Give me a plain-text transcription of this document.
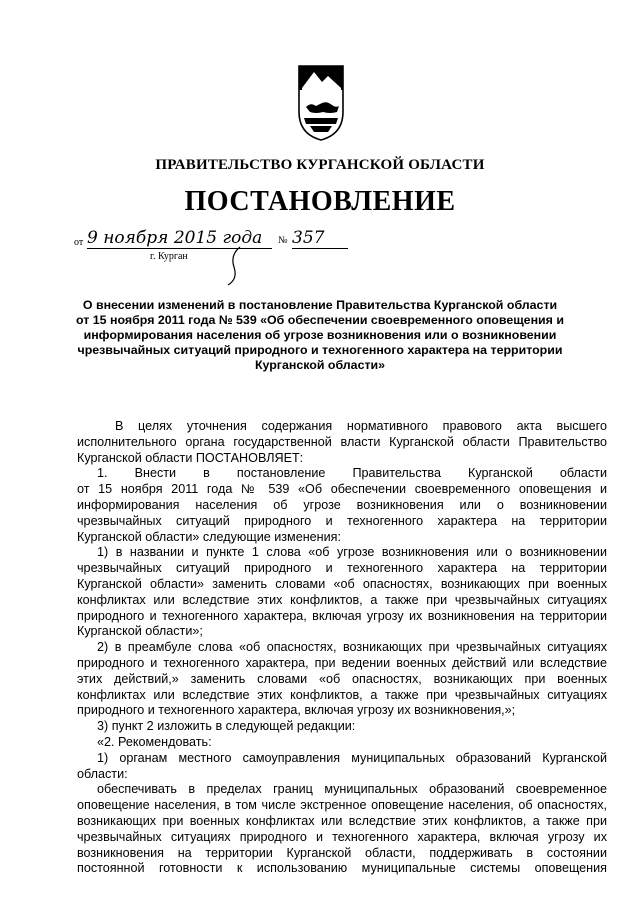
ПРАВИТЕЛЬСТВО КУРГАНСКОЙ ОБЛАСТИ
ПОСТАНОВЛЕНИЕ
от 9 ноября 2015 года	№ 357
г. Курган
О внесении изменений в постановление Правительства Курганской области
от 15 ноября 2011 года № 539 «Об обеспечении своевременного оповещения и
информирования населения об угрозе возникновения или о возникновении
чрезвычайных ситуаций природного и техногенного характера на территории
Курганской области»
В целях уточнения содержания нормативного правового акта высшего
исполнительного органа государственной власти Курганской области Правительство
Курганской области ПОСТАНОВЛЯЕТ:
1. Внести в постановление Правительства Курганской области
от 15 ноября 2011 года № 539 «Об обеспечении своевременного оповещения и
информирования населения об угрозе возникновения или о возникновении
чрезвычайных ситуаций природного и техногенного характера на территории
Курганской области» следующие изменения:
1) в названии и пункте 1 слова «об угрозе возникновения или о возникновении
чрезвычайных ситуаций природного и техногенного характера на территории
Курганской области» заменить словами «об опасностях, возникающих при военных
конфликтах или вследствие этих конфликтов, а также при чрезвычайных ситуациях
природного и техногенного характера, включая угрозу их возникновения на территории
Курганской области»;
2) в преамбуле слова «об опасностях, возникающих при чрезвычайных ситуациях
природного и техногенного характера, при ведении военных действий или вследствие
этих действий,» заменить словами «об опасностях, возникающих при военных
конфликтах или вследствие этих конфликтов, а также при чрезвычайных ситуациях
природного и техногенного характера, включая угрозу их возникновения,»;
3) пункт 2 изложить в следующей редакции:
«2. Рекомендовать:
1) органам местного самоуправления муниципальных образований Курганской
области:
обеспечивать в пределах границ муниципальных образований своевременное
оповещение населения, в том числе экстренное оповещение населения, об опасностях,
возникающих при военных конфликтах или вследствие этих конфликтов, а также при
чрезвычайных ситуациях природного и техногенного характера, включая угрозу их
возникновения на территории Курганской области, поддерживать в состоянии
постоянной готовности к использованию муниципальные системы оповещения
